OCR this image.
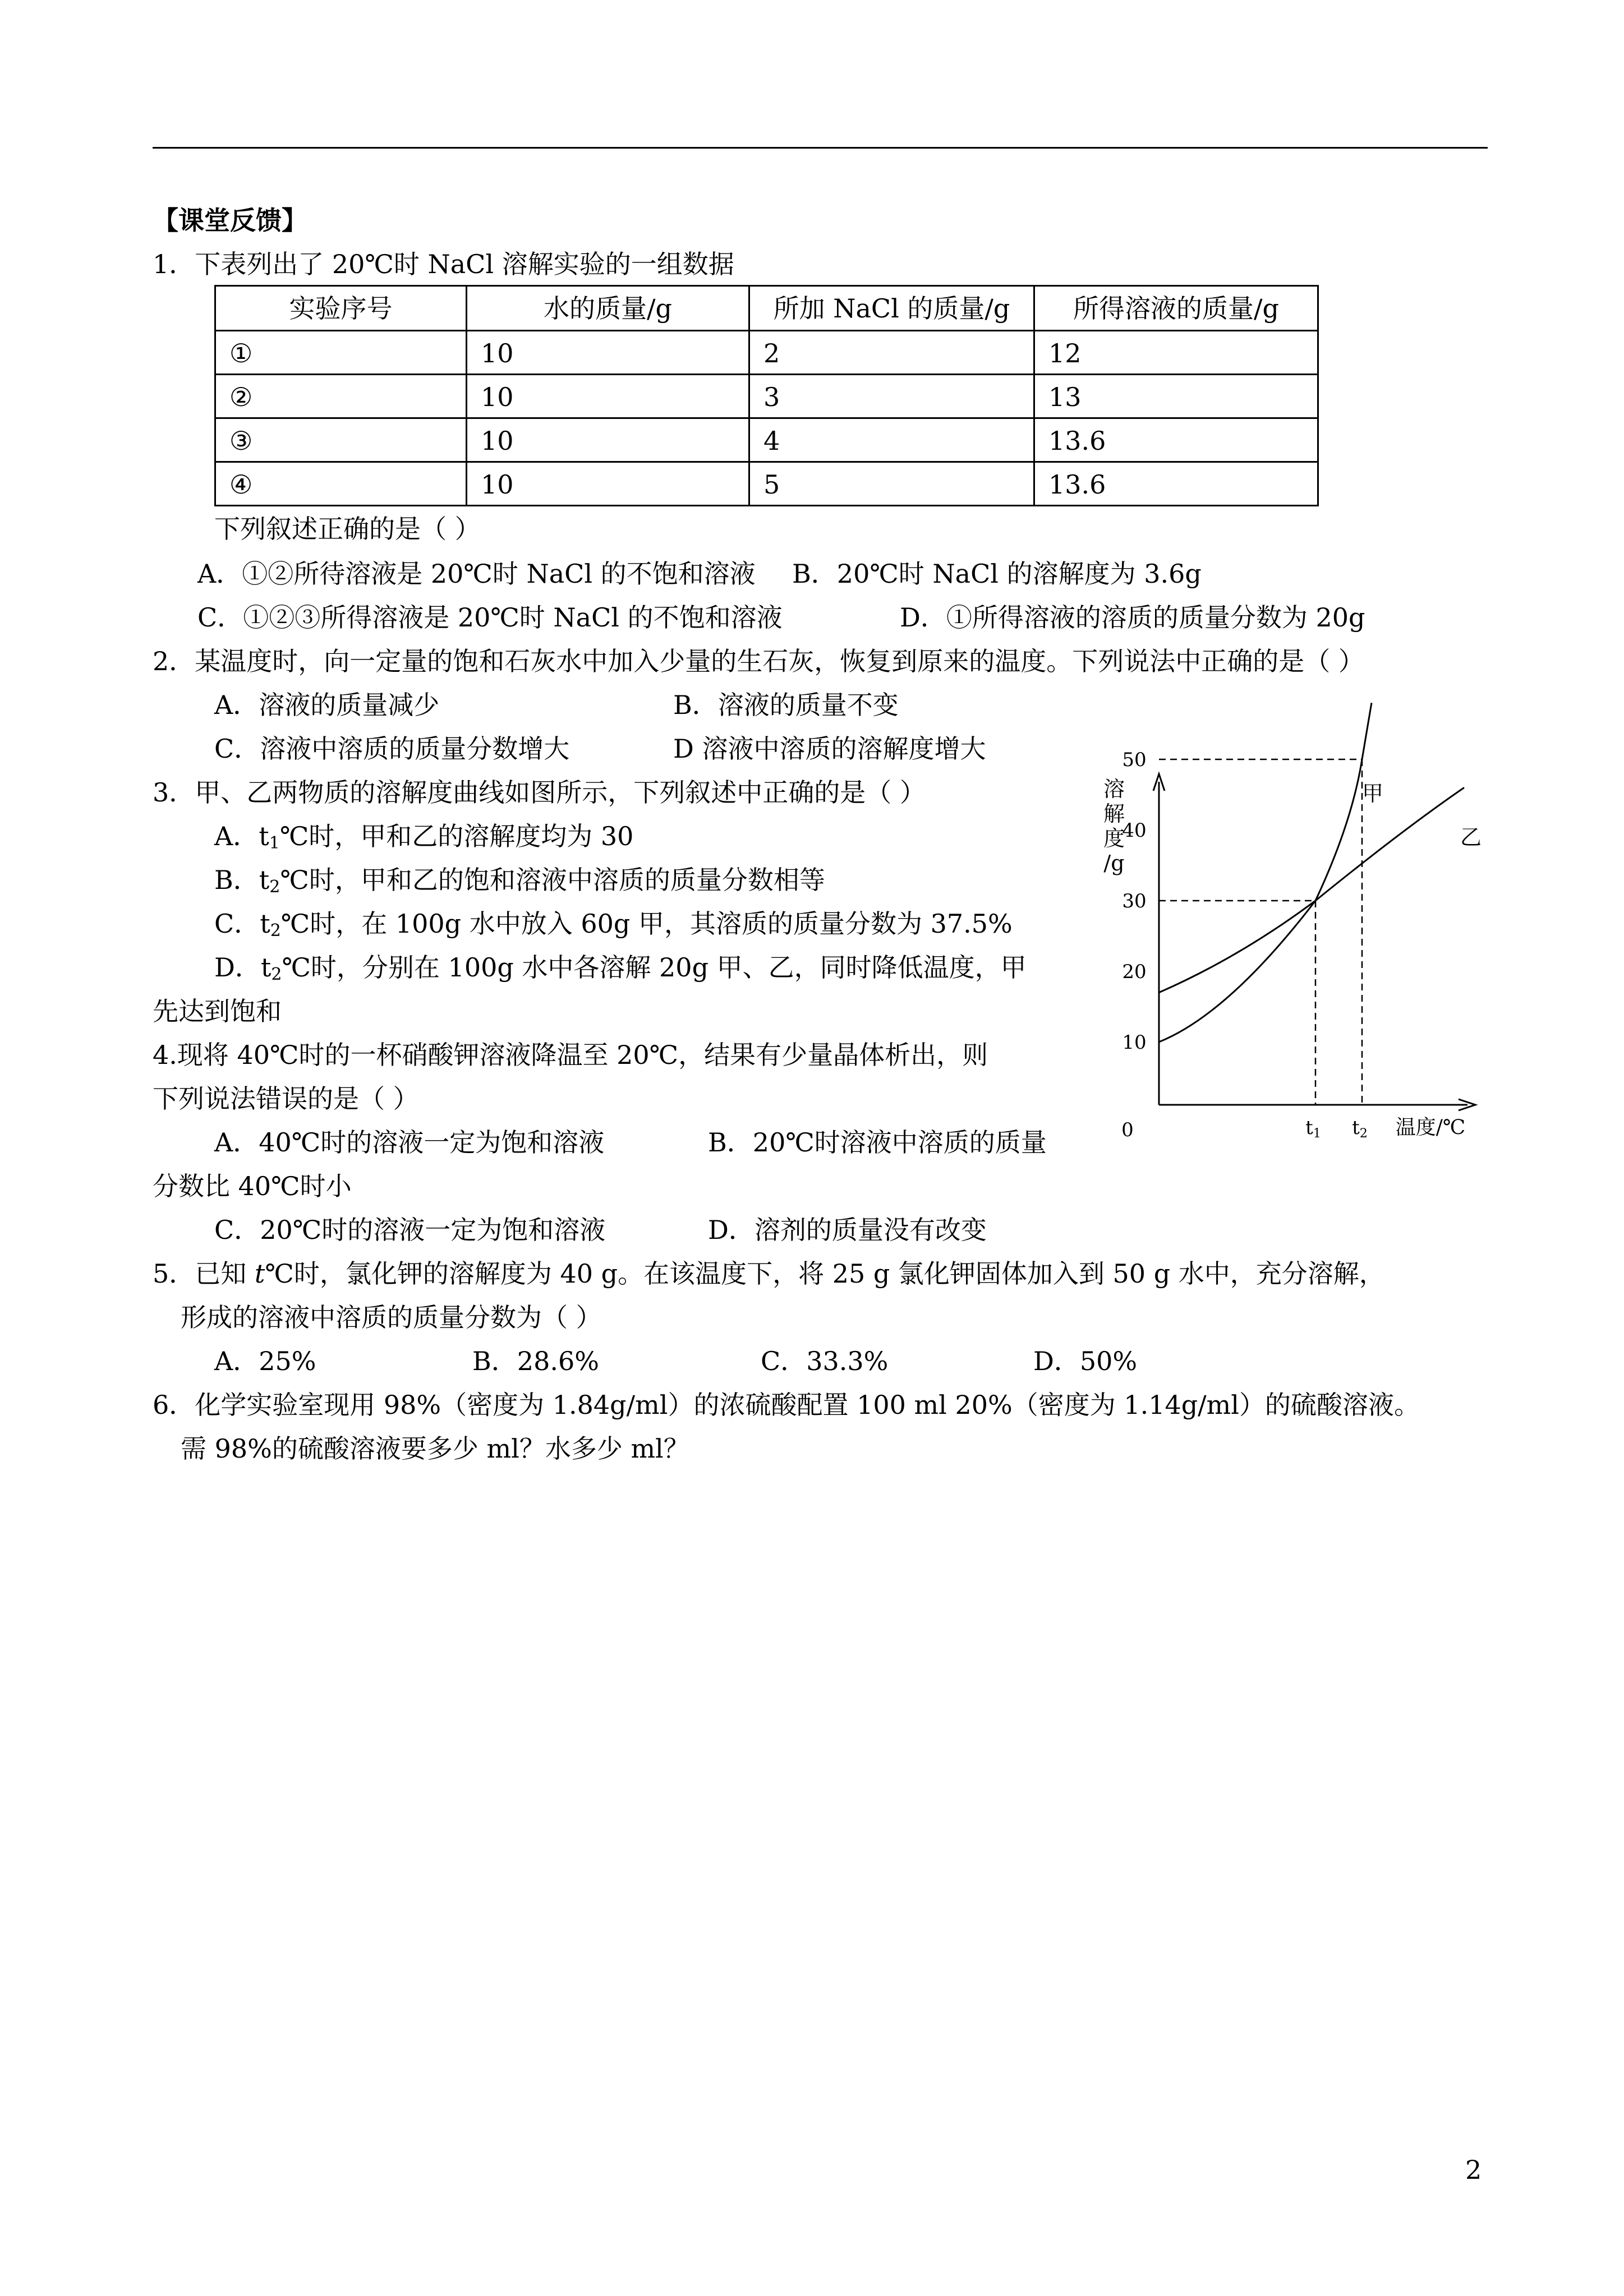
【课堂反馈】
1．下表列出了 20℃时 NaCl 溶解实验的一组数据
下列叙述正确的是（ ）
A．①②所待溶液是 20℃时 NaCl 的不饱和溶液 B．20℃时 NaCl 的溶解度为 3.6g
C．①②③所得溶液是 20℃时 NaCl 的不饱和溶液	D．①所得溶液的溶质的质量分数为 20g
2．某温度时，向一定量的饱和石灰水中加入少量的生石灰，恢复到原来的温度。下列说法中正确的是（ ）
A．溶液的质量减少	B．溶液的质量不变
C．溶液中溶质的质量分数增大	D 溶液中溶质的溶解度增大
3．甲、乙两物质的溶解度曲线如图所示，下列叙述中正确的是（ ）
A．$t_1℃$时，甲和乙的溶解度均为 30
B．$t_2℃$时，甲和乙的饱和溶液中溶质的质量分数相等
C．$t_2℃$时，在 100g 水中放入 60g 甲，其溶质的质量分数为 37.5%
D．$t_2℃$时，分别在 100g 水中各溶解 20g 甲、乙，同时降低温度，甲
先达到饱和
溶
解
度
/g
10
20
30
40
50
0	t1 t2 温度/℃
甲
乙
4.现将 40℃时的一杯硝酸钾溶液降温至 20℃，结果有少量晶体析出，则
下列说法错误的是（ ）
A．40℃时的溶液一定为饱和溶液	B．20℃时溶液中溶质的质量
分数比 40℃时小
C．20℃时的溶液一定为饱和溶液	D．溶剂的质量没有改变
5．已知 t℃时，氯化钾的溶解度为 40 g。在该温度下，将 25 g 氯化钾固体加入到 50 g 水中，充分溶解，
形成的溶液中溶质的质量分数为（ ）
A．25%	B．28.6%	C．33.3%	D．50%
6．化学实验室现用 98%（密度为 1.84g/ml）的浓硫酸配置 100 ml 20%（密度为 1.14g/ml）的硫酸溶液。
需 98%的硫酸溶液要多少 ml？水多少 ml？
2
实验序号	水的质量/g	所加 NaCl 的质量/g	所得溶液的质量/g
①	10	2	12
②	10	3	13
③	10	4	13.6
④	10	5	13.6
